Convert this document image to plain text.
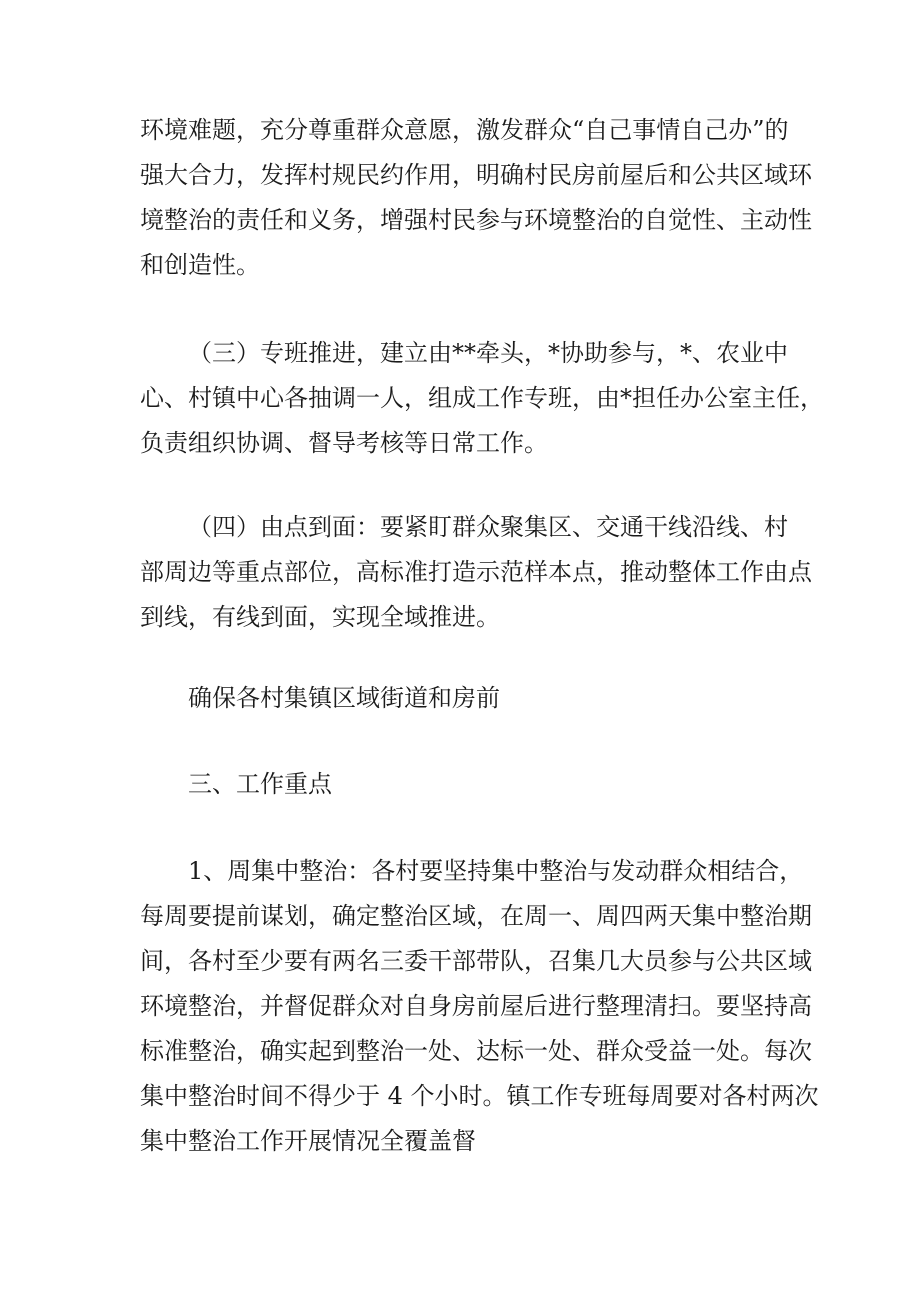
环境难题，充分尊重群众意愿，激发群众“自己事情自己办”的
强大合力，发挥村规民约作用，明确村民房前屋后和公共区域环
境整治的责任和义务，增强村民参与环境整治的自觉性、主动性
和创造性。
（三）专班推进，建立由**牵头，*协助参与，*、农业中
心、村镇中心各抽调一人，组成工作专班，由*担任办公室主任，
负责组织协调、督导考核等日常工作。
（四）由点到面：要紧盯群众聚集区、交通干线沿线、村
部周边等重点部位，高标准打造示范样本点，推动整体工作由点
到线，有线到面，实现全域推进。
确保各村集镇区域街道和房前
三、工作重点
1、周集中整治：各村要坚持集中整治与发动群众相结合，
每周要提前谋划，确定整治区域，在周一、周四两天集中整治期
间，各村至少要有两名三委干部带队，召集几大员参与公共区域
环境整治，并督促群众对自身房前屋后进行整理清扫。要坚持高
标准整治，确实起到整治一处、达标一处、群众受益一处。每次
集中整治时间不得少于 4 个小时。镇工作专班每周要对各村两次
集中整治工作开展情况全覆盖督
